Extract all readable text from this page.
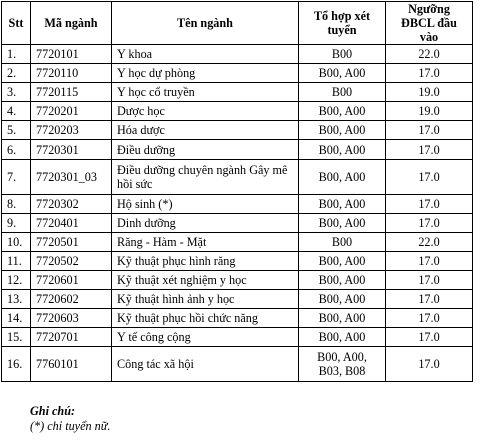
Stt	Mã ngành	Tên ngành	Tổ hợp xét tuyển	Ngưỡng ĐBCL đầu vào
1.	7720101	Y khoa	B00	22.0
2.	7720110	Y học dự phòng	B00, A00	17.0
3.	7720115	Y học cổ truyền	B00	19.0
4.	7720201	Dược học	B00, A00	19.0
5.	7720203	Hóa dược	B00, A00	17.0
6.	7720301	Điều dưỡng	B00, A00	17.0
7.	7720301_03	Điều dưỡng chuyên ngành Gây mê hồi sức	B00, A00	17.0
8.	7720302	Hộ sinh (*)	B00, A00	17.0
9.	7720401	Dinh dưỡng	B00, A00	17.0
10.	7720501	Răng - Hàm - Mặt	B00	22.0
11.	7720502	Kỹ thuật phục hình răng	B00, A00	17.0
12.	7720601	Kỹ thuật xét nghiệm y học	B00, A00	17.0
13.	7720602	Kỹ thuật hình ảnh y học	B00, A00	17.0
14.	7720603	Kỹ thuật phục hồi chức năng	B00, A00	17.0
15.	7720701	Y tế công cộng	B00, A00	17.0
16.	7760101	Công tác xã hội	B00, A00, B03, B08	17.0
Ghi chú:
(*) chỉ tuyển nữ.
